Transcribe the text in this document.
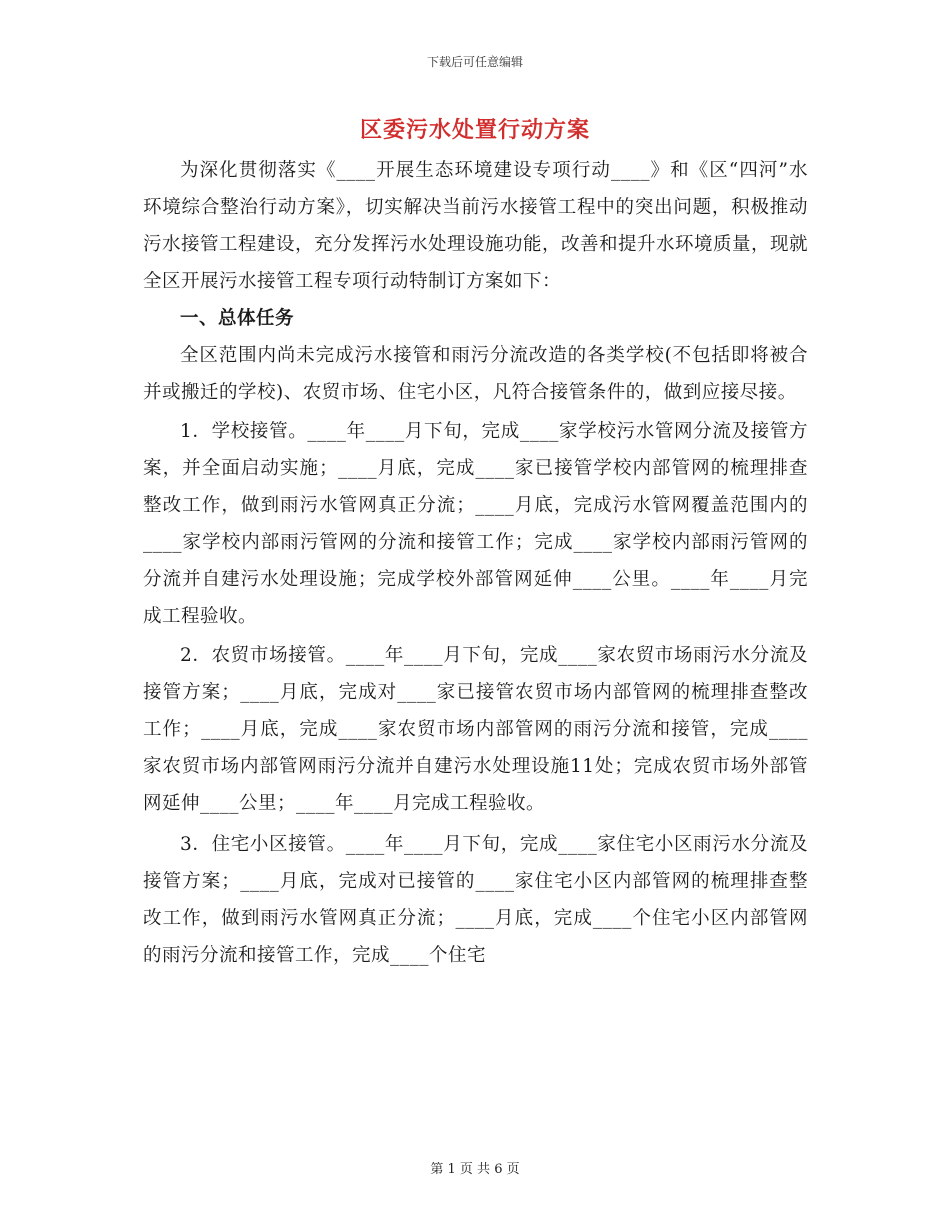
下载后可任意编辑
区委污水处置行动方案

为深化贯彻落实《____开展生态环境建设专项行动____》和《区“四河”水环境综合整治行动方案》，切实解决当前污水接管工程中的突出问题，积极推动污水接管工程建设，充分发挥污水处理设施功能，改善和提升水环境质量，现就全区开展污水接管工程专项行动特制订方案如下：

一、总体任务

全区范围内尚未完成污水接管和雨污分流改造的各类学校(不包括即将被合并或搬迁的学校)、农贸市场、住宅小区，凡符合接管条件的，做到应接尽接。

1．学校接管。____年____月下旬，完成____家学校污水管网分流及接管方案，并全面启动实施；____月底，完成____家已接管学校内部管网的梳理排查整改工作，做到雨污水管网真正分流；____月底，完成污水管网覆盖范围内的____家学校内部雨污管网的分流和接管工作；完成____家学校内部雨污管网的分流并自建污水处理设施；完成学校外部管网延伸____公里。____年____月完成工程验收。

2．农贸市场接管。____年____月下旬，完成____家农贸市场雨污水分流及接管方案；____月底，完成对____家已接管农贸市场内部管网的梳理排查整改工作；____月底，完成____家农贸市场内部管网的雨污分流和接管，完成____家农贸市场内部管网雨污分流并自建污水处理设施11处；完成农贸市场外部管网延伸____公里；____年____月完成工程验收。

3．住宅小区接管。____年____月下旬，完成____家住宅小区雨污水分流及接管方案；____月底，完成对已接管的____家住宅小区内部管网的梳理排查整改工作，做到雨污水管网真正分流；____月底，完成____个住宅小区内部管网的雨污分流和接管工作，完成____个住宅

第 1 页 共 6 页
